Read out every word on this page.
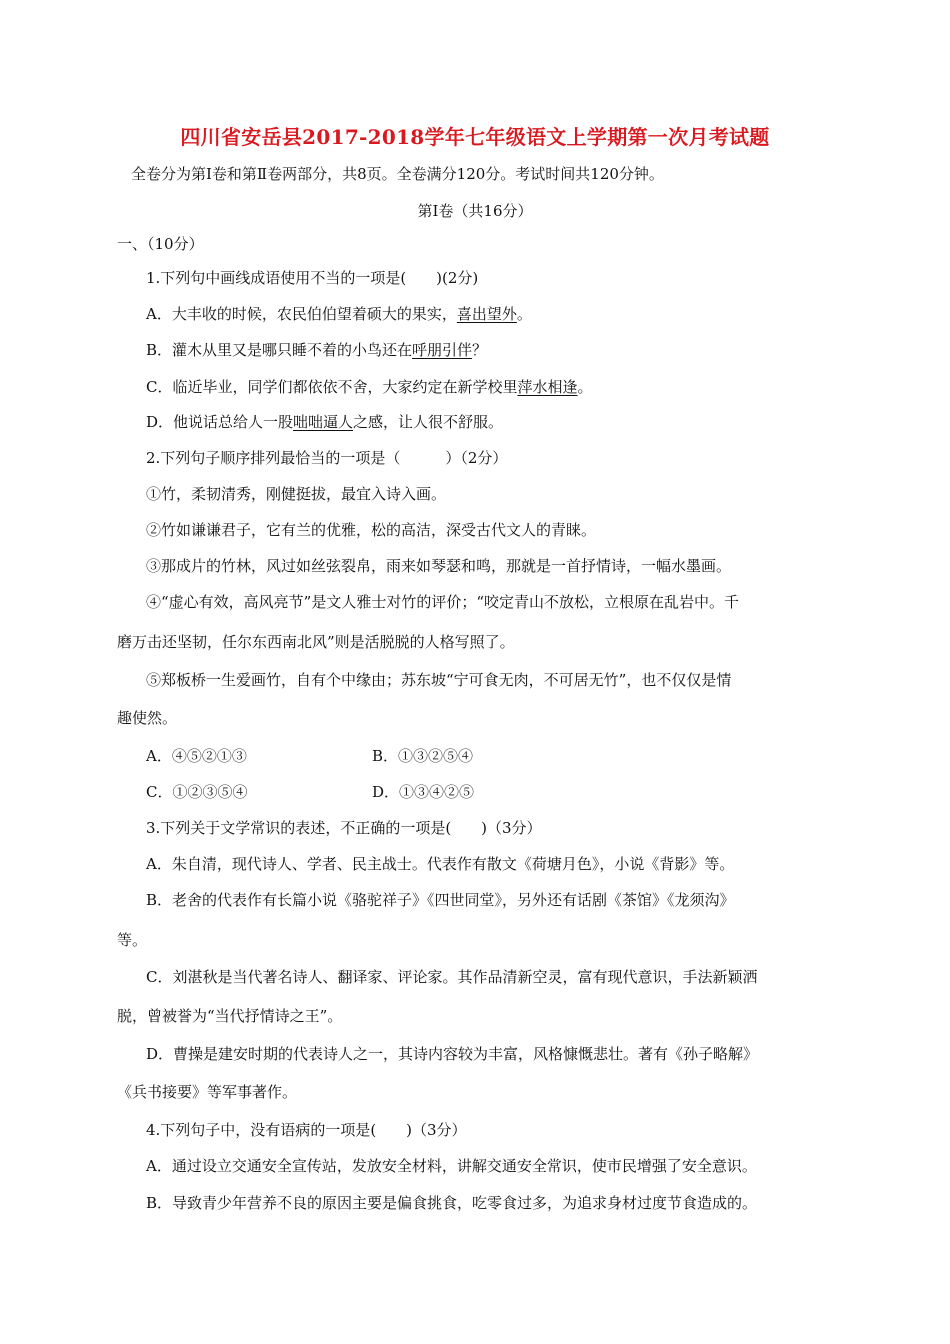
四川省安岳县2017-2018学年七年级语文上学期第一次月考试题
全卷分为第Ⅰ卷和第Ⅱ卷两部分，共8页。全卷满分120分。考试时间共120分钟。
第Ⅰ卷（共16分）
一、（10分）
1.下列句中画线成语使用不当的一项是(　　)(2分)
A．大丰收的时候，农民伯伯望着硕大的果实，喜出望外。
B．灌木从里又是哪只睡不着的小鸟还在呼朋引伴？
C．临近毕业，同学们都依依不舍，大家约定在新学校里萍水相逢。
D．他说话总给人一股咄咄逼人之感，让人很不舒服。
2.下列句子顺序排列最恰当的一项是（　　　）（2分）
①竹，柔韧清秀，刚健挺拔，最宜入诗入画。
②竹如谦谦君子，它有兰的优雅，松的高洁，深受古代文人的青睐。
③那成片的竹林，风过如丝弦裂帛，雨来如琴瑟和鸣，那就是一首抒情诗，一幅水墨画。
④“虚心有效，高风亮节”是文人雅士对竹的评价；“咬定青山不放松，立根原在乱岩中。千
磨万击还坚韧，任尔东西南北风”则是活脱脱的人格写照了。
⑤郑板桥一生爱画竹，自有个中缘由；苏东坡“宁可食无肉，不可居无竹”，也不仅仅是情
趣使然。
A．④⑤②①③	B．①③②⑤④
C．①②③⑤④	D．①③④②⑤
3.下列关于文学常识的表述，不正确的一项是(　　)（3分）
A．朱自清，现代诗人、学者、民主战士。代表作有散文《荷塘月色》，小说《背影》等。
B．老舍的代表作有长篇小说《骆驼祥子》《四世同堂》，另外还有话剧《茶馆》《龙须沟》
等。
C．刘湛秋是当代著名诗人、翻译家、评论家。其作品清新空灵，富有现代意识，手法新颖洒
脱，曾被誉为“当代抒情诗之王”。
D．曹操是建安时期的代表诗人之一，其诗内容较为丰富，风格慷慨悲壮。著有《孙子略解》
《兵书接要》等军事著作。
4.下列句子中，没有语病的一项是(　　)（3分）
A．通过设立交通安全宣传站，发放安全材料，讲解交通安全常识，使市民增强了安全意识。
B．导致青少年营养不良的原因主要是偏食挑食，吃零食过多，为追求身材过度节食造成的。
